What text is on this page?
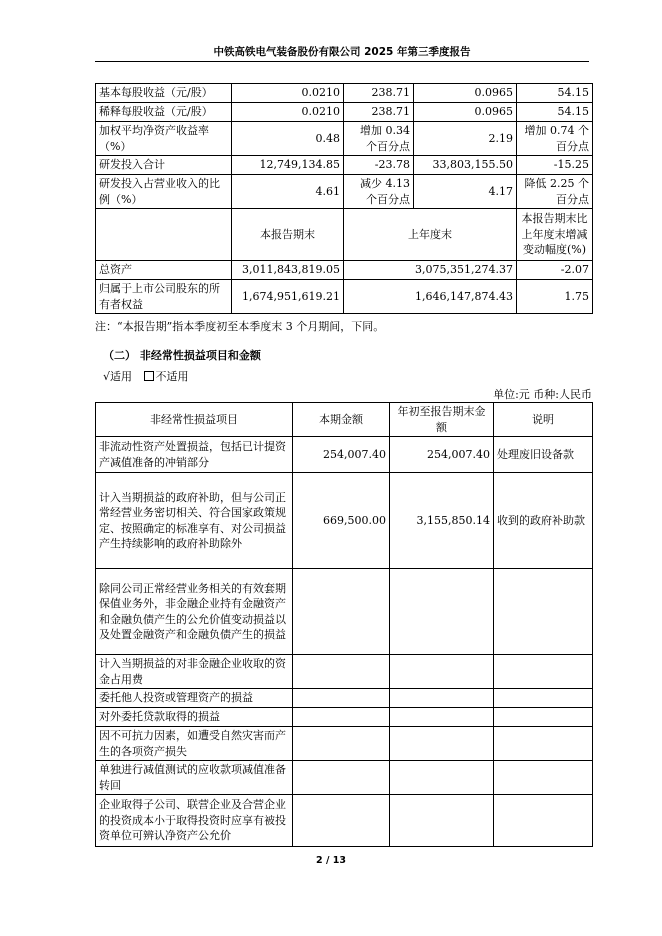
中铁高铁电气装备股份有限公司 2025 年第三季度报告
基本每股收益（元/股）	0.0210	238.71	0.0965	54.15
稀释每股收益（元/股）	0.0210	238.71	0.0965	54.15
加权平均净资产收益率（%）	0.48	增加 0.34 个百分点	2.19	增加 0.74 个百分点
研发投入合计	12,749,134.85	-23.78	33,803,155.50	-15.25
研发投入占营业收入的比例（%）	4.61	减少 4.13 个百分点	4.17	降低 2.25 个百分点
	本报告期末	上年度末		本报告期末比上年度末增减变动幅度(%)
总资产	3,011,843,819.05	3,075,351,274.37		-2.07
归属于上市公司股东的所有者权益	1,674,951,619.21	1,646,147,874.43		1.75
注：“本报告期”指本季度初至本季度末 3 个月期间，下同。
（二） 非经常性损益项目和金额
√适用 不适用
单位:元 币种:人民币
非经常性损益项目	本期金额	年初至报告期末金额	说明
非流动性资产处置损益，包括已计提资产减值准备的冲销部分	254,007.40	254,007.40	处理废旧设备款
计入当期损益的政府补助，但与公司正常经营业务密切相关、符合国家政策规定、按照确定的标准享有、对公司损益产生持续影响的政府补助除外	669,500.00	3,155,850.14	收到的政府补助款
除同公司正常经营业务相关的有效套期保值业务外，非金融企业持有金融资产和金融负债产生的公允价值变动损益以及处置金融资产和金融负债产生的损益			
计入当期损益的对非金融企业收取的资金占用费			
委托他人投资或管理资产的损益			
对外委托贷款取得的损益			
因不可抗力因素，如遭受自然灾害而产生的各项资产损失			
单独进行减值测试的应收款项减值准备转回			
企业取得子公司、联营企业及合营企业的投资成本小于取得投资时应享有被投资单位可辨认净资产公允价			
2 / 13
